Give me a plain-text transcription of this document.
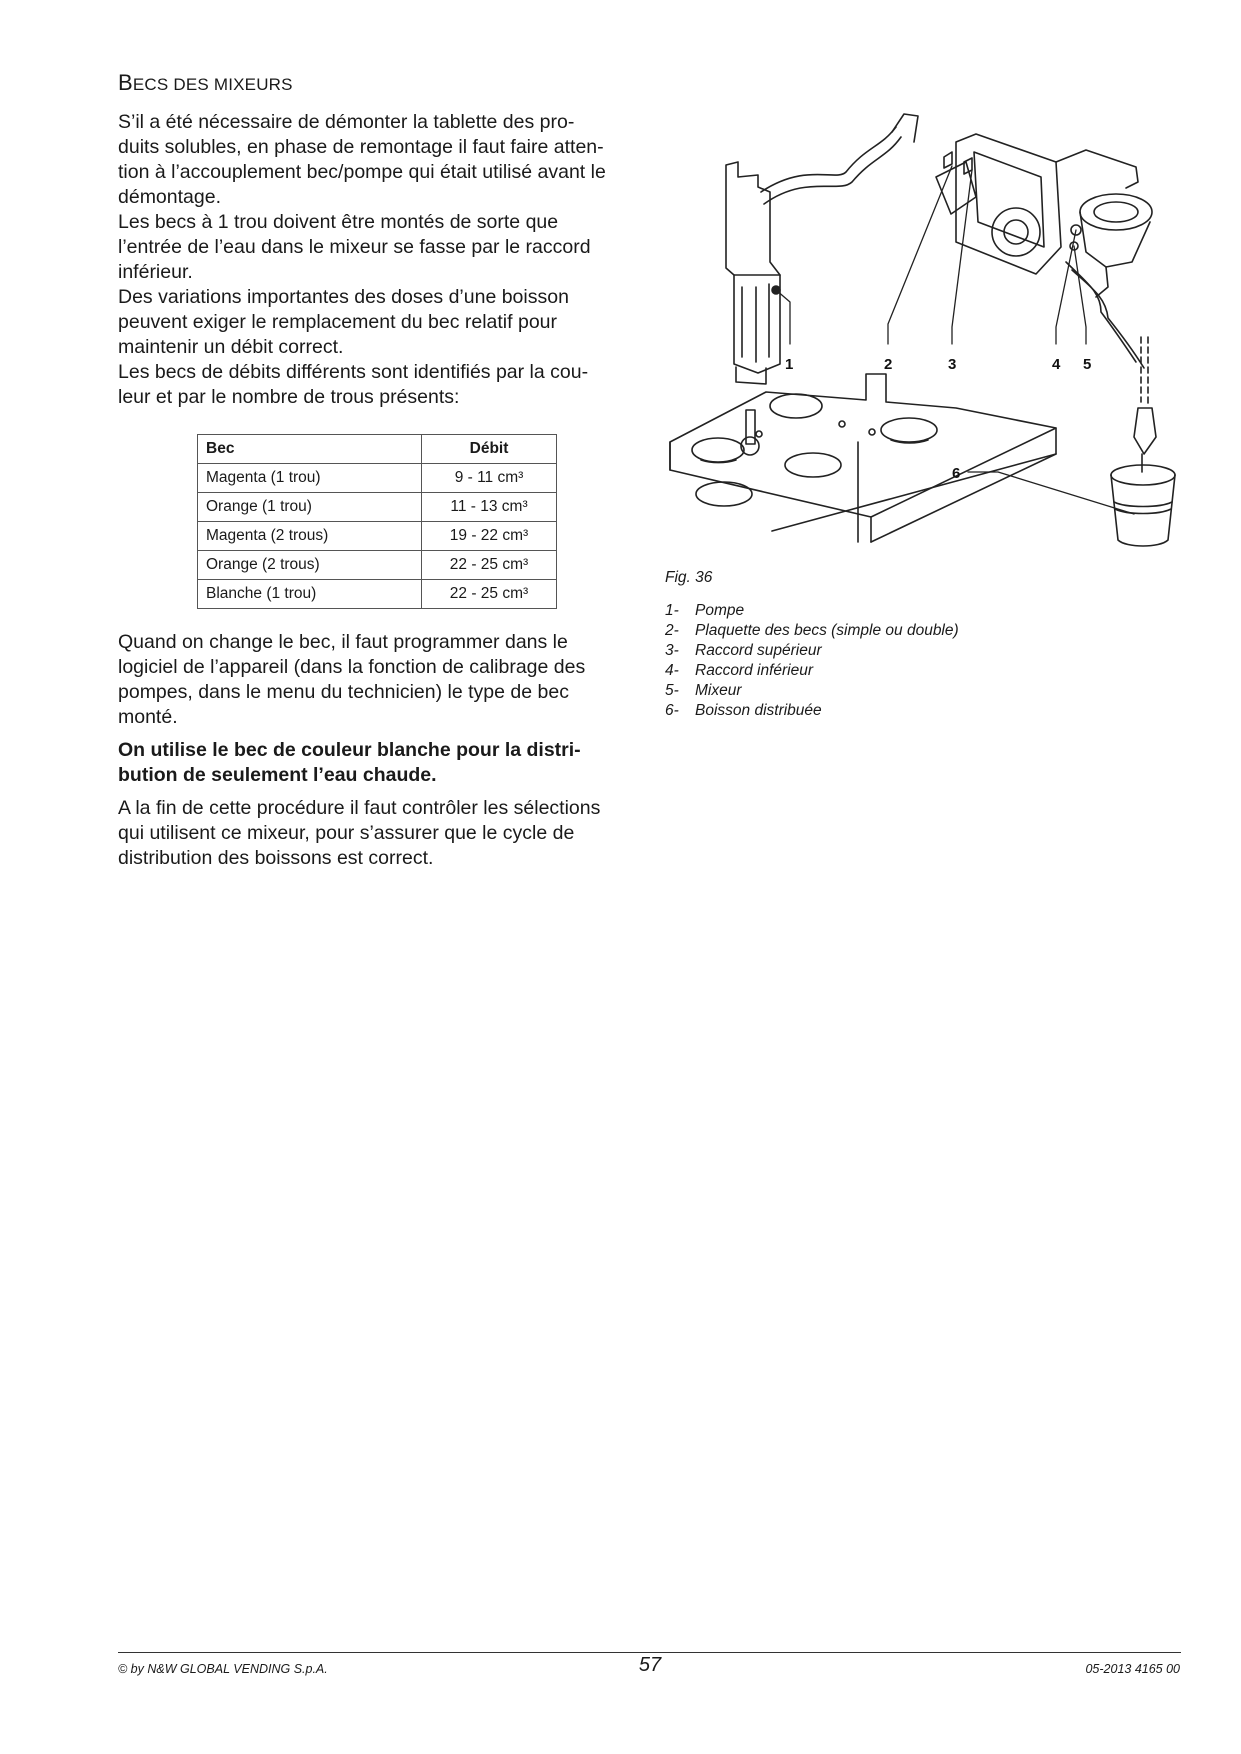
BECS DES MIXEURS

S’il a été nécessaire de démonter la tablette des pro-

duits solubles, en phase de remontage il faut faire atten-

tion à l’accouplement bec/pompe qui était utilisé avant le

démontage.

Les becs à 1 trou doivent être montés de sorte que

l’entrée de l’eau dans le mixeur se fasse par le raccord

inférieur.

Des variations importantes des doses d’une boisson

peuvent exiger le remplacement du bec relatif pour

maintenir un débit correct.

Les becs de débits différents sont identifiés par la cou-

leur et par le nombre de trous présents:

Bec	Débit
Magenta (1 trou)	9 - 11 cm³
Orange (1 trou)	11 - 13 cm³
Magenta (2 trous)	19 - 22 cm³
Orange (2 trous)	22 - 25 cm³
Blanche (1 trou)	22 - 25 cm³
Quand on change le bec, il faut programmer dans le
logiciel de l’appareil (dans la fonction de calibrage des
pompes, dans le menu du technicien) le type de bec
monté.
On utilise le bec de couleur blanche pour la distri-
bution de seulement l’eau chaude.
A la fin de cette procédure il faut contrôler les sélections
qui utilisent ce mixeur, pour s’assurer que le cycle de
distribution des boissons est correct.
1	2	3	4 5
6
Fig. 36
1- Pompe
2- Plaquette des becs (simple ou double)
3- Raccord supérieur
4- Raccord inférieur
5- Mixeur
6- Boisson distribuée
© by N&W GLOBAL VENDING S.p.A.	57	05-2013 4165 00
